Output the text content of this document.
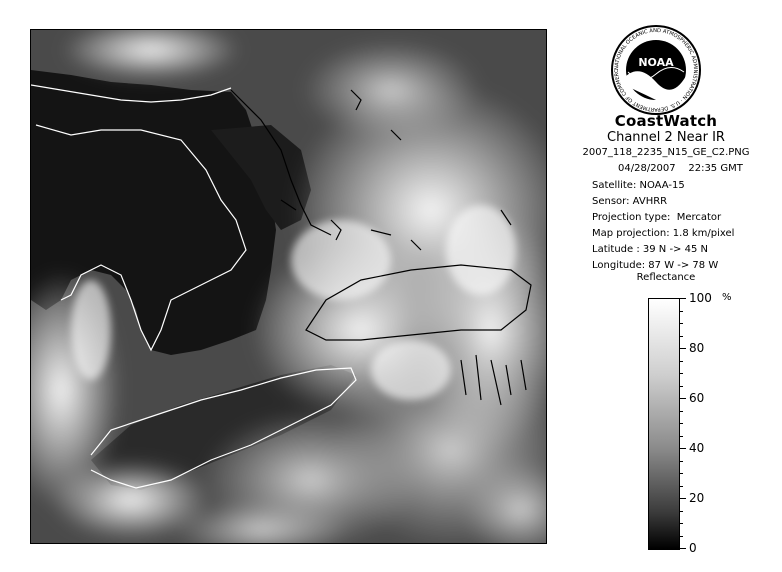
NOAA
NATIONAL OCEANIC AND ATMOSPHERIC ADMINISTRATION · U.S. DEPARTMENT OF COMMERC
CoastWatch
Channel 2 Near IR
2007_118_2235_N15_GE_C2.PNG
04/28/2007    22:35 GMT
Satellite: NOAA-15
Sensor: AVHRR
Projection type:  Mercator
Map projection: 1.8 km/pixel
Latitude : 39 N -> 45 N
Longitude: 87 W -> 78 W
Reflectance
100
80
60
40
20
0
%
